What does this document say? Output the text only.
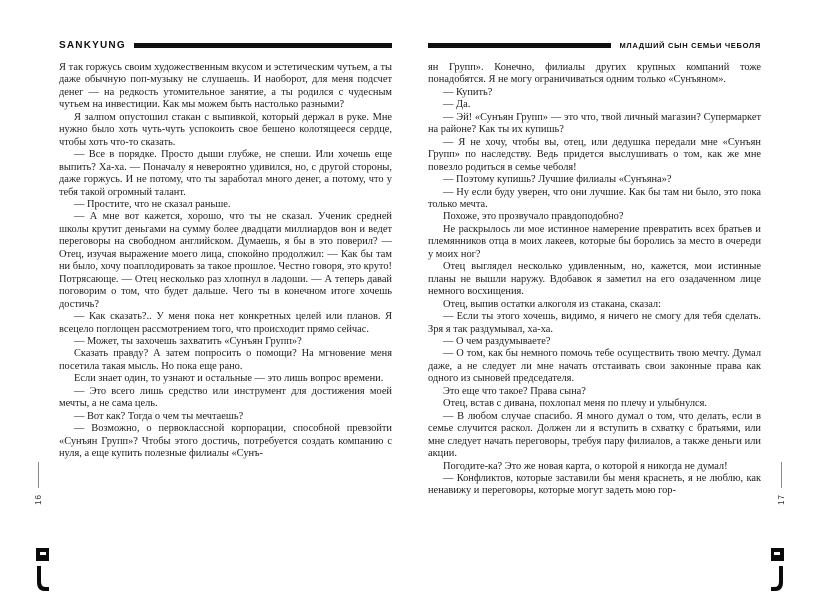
SANKYUNG

Я так горжусь своим художественным вкусом и эстетическим чутьем, а ты даже обычную поп-музыку не слушаешь. И наоборот, для меня подсчет денег — на редкость утомительное занятие, а ты родился с чудесным чутьем на инвестиции. Как мы можем быть настолько разными?

Я залпом опустошил стакан с выпивкой, который держал в руке. Мне нужно было хоть чуть-чуть успокоить свое бешено колотящееся сердце, чтобы хоть что-то сказать.

— Все в порядке. Просто дыши глубже, не спеши. Или хочешь еще выпить? Ха-ха. — Поначалу я невероятно удивился, но, с другой стороны, даже горжусь. И не потому, что ты заработал много денег, а потому, что у тебя такой огромный талант.

— Простите, что не сказал раньше.

— А мне вот кажется, хорошо, что ты не сказал. Ученик средней школы крутит деньгами на сумму более двадцати миллиардов вон и ведет переговоры на свободном английском. Думаешь, я бы в это поверил? — Отец, изучая выражение моего лица, спокойно продолжил: — Как бы там ни было, хочу поаплодировать за такое прошлое. Честно говоря, это круто! Потрясающе. — Отец несколько раз хлопнул в ладоши. — А теперь давай поговорим о том, что будет дальше. Чего ты в конечном итоге хочешь достичь?

— Как сказать?.. У меня пока нет конкретных целей или планов. Я всецело поглощен рассмотрением того, что происходит прямо сейчас.

— Может, ты захочешь захватить «Сунъян Групп»?

Сказать правду? А затем попросить о помощи? На мгновение меня посетила такая мысль. Но пока еще рано.

Если знает один, то узнают и остальные — это лишь вопрос времени.

— Это всего лишь средство или инструмент для достижения моей мечты, а не сама цель.

— Вот как? Тогда о чем ты мечтаешь?

— Возможно, о первоклассной корпорации, способной превзойти «Сунъян Групп»? Чтобы этого достичь, потребуется создать компанию с нуля, а еще купить полезные филиалы «Сунъ-

МЛАДШИЙ СЫН СЕМЬИ ЧЕБОЛЯ

ян Групп». Конечно, филиалы других крупных компаний тоже понадобятся. Я не могу ограничиваться одним только «Сунъяном».

— Купить?

— Да.

— Эй! «Сунъян Групп» — это что, твой личный магазин? Супермаркет на районе? Как ты их купишь?

— Я не хочу, чтобы вы, отец, или дедушка передали мне «Сунъян Групп» по наследству. Ведь придется выслушивать о том, как же мне повезло родиться в семье чеболя!

— Поэтому купишь? Лучшие филиалы «Сунъяна»?

— Ну если буду уверен, что они лучшие. Как бы там ни было, это пока только мечта.

Похоже, это прозвучало правдоподобно?

Не раскрылось ли мое истинное намерение превратить всех братьев и племянников отца в моих лакеев, которые бы боролись за место в очереди у моих ног?

Отец выглядел несколько удивленным, но, кажется, мои истинные планы не вышли наружу. Вдобавок я заметил на его озадаченном лице немного восхищения.

Отец, выпив остатки алкоголя из стакана, сказал:

— Если ты этого хочешь, видимо, я ничего не смогу для тебя сделать. Зря я так раздумывал, ха-ха.

— О чем раздумываете?

— О том, как бы немного помочь тебе осуществить твою мечту. Думал даже, а не следует ли мне начать отстаивать свои законные права как одного из сыновей председателя.

Это еще что такое? Права сына?

Отец, встав с дивана, похлопал меня по плечу и улыбнулся.

— В любом случае спасибо. Я много думал о том, что делать, если в семье случится раскол. Должен ли я вступить в схватку с братьями, или мне следует начать переговоры, требуя пару филиалов, а также деньги или акции.

Погодите-ка? Это же новая карта, о которой я никогда не думал!

— Конфликтов, которые заставили бы меня краснеть, я не люблю, как ненавижу и переговоры, которые могут задеть мою гор-

16	17
